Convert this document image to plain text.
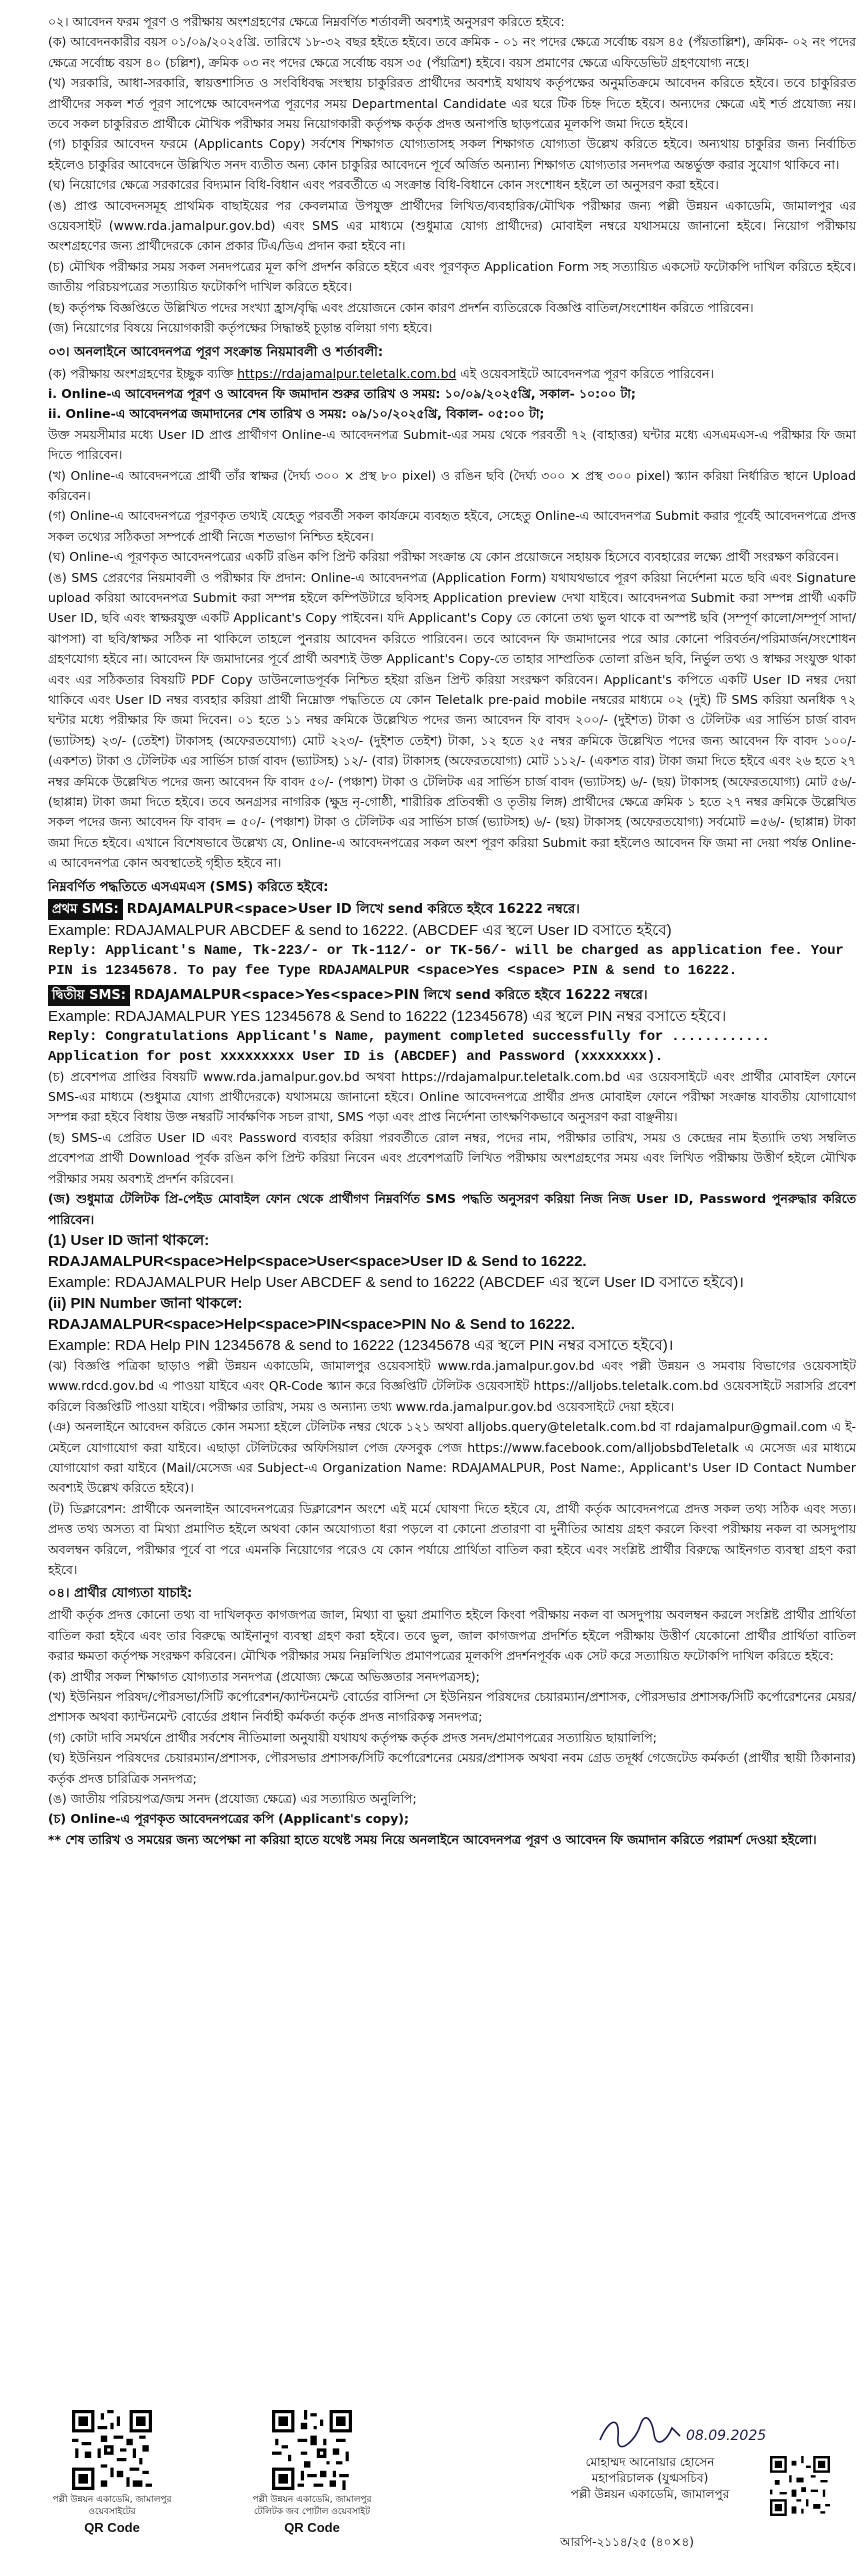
০২। আবেদন ফরম পূরণ ও পরীক্ষায় অংশগ্রহণের ক্ষেত্রে নিম্নবর্ণিত শর্তাবলী অবশ্যই অনুসরণ করিতে হইবে:

(ক) আবেদনকারীর বয়স ০১/০৯/২০২৫খ্রি. তারিখে ১৮-৩২ বছর হইতে হইবে। তবে ক্রমিক - ০১ নং পদের ক্ষেত্রে সর্বোচ্চ বয়স ৪৫ (পঁয়তাল্লিশ), ক্রমিক- ০২ নং পদের ক্ষেত্রে সর্বোচ্চ বয়স ৪০ (চল্লিশ), ক্রমিক ০৩ নং পদের ক্ষেত্রে সর্বোচ্চ বয়স ৩৫ (পঁয়ত্রিশ) হইবে। বয়স প্রমাণের ক্ষেত্রে এফিডেভিট গ্রহণযোগ্য নহে।

(খ) সরকারি, আধা-সরকারি, স্বায়ত্তশাসিত ও সংবিধিবদ্ধ সংস্থায় চাকুরিরত প্রার্থীদের অবশ্যই যথাযথ কর্তৃপক্ষের অনুমতিক্রমে আবেদন করিতে হইবে। তবে চাকুরিরত প্রার্থীদের সকল শর্ত পূরণ সাপেক্ষে আবেদনপত্র পূরণের সময় Departmental Candidate এর ঘরে টিক চিহ্ন দিতে হইবে। অন্যদের ক্ষেত্রে এই শর্ত প্রযোজ্য নয়। তবে সকল চাকুরিরত প্রার্থীকে মৌখিক পরীক্ষার সময় নিয়োগকারী কর্তৃপক্ষ কর্তৃক প্রদত্ত অনাপত্তি ছাড়পত্রের মূলকপি জমা দিতে হইবে।

(গ) চাকুরির আবেদন ফরমে (Applicants Copy) সর্বশেষ শিক্ষাগত যোগ্যতাসহ সকল শিক্ষাগত যোগ্যতা উল্লেখ করিতে হইবে। অন্যথায় চাকুরির জন্য নির্বাচিত হইলেও চাকুরির আবেদনে উল্লিখিত সনদ ব্যতীত অন্য কোন চাকুরির আবেদনে পূর্বে অর্জিত অন্যান্য শিক্ষাগত যোগ্যতার সনদপত্র অন্তর্ভুক্ত করার সুযোগ থাকিবে না।

(ঘ) নিয়োগের ক্ষেত্রে সরকারের বিদ্যমান বিধি-বিধান এবং পরবর্তীতে এ সংক্রান্ত বিধি-বিধানে কোন সংশোধন হইলে তা অনুসরণ করা হইবে।

(ঙ) প্রাপ্ত আবেদনসমূহ প্রাথমিক বাছাইয়ের পর কেবলমাত্র উপযুক্ত প্রার্থীদের লিখিত/ব্যবহারিক/মৌখিক পরীক্ষার জন্য পল্লী উন্নয়ন একাডেমি, জামালপুর এর ওয়েবসাইট (www.rda.jamalpur.gov.bd) এবং SMS এর মাধ্যমে (শুধুমাত্র যোগ্য প্রার্থীদের) মোবাইল নম্বরে যথাসময়ে জানানো হইবে। নিয়োগ পরীক্ষায় অংশগ্রহণের জন্য প্রার্থীদেরকে কোন প্রকার টিএ/ডিএ প্রদান করা হইবে না।

(চ) মৌখিক পরীক্ষার সময় সকল সনদপত্রের মূল কপি প্রদর্শন করিতে হইবে এবং পূরণকৃত Application Form সহ সত্যায়িত একসেট ফটোকপি দাখিল করিতে হইবে। জাতীয় পরিচয়পত্রের সত্যায়িত ফটোকপি দাখিল করিতে হইবে।

(ছ) কর্তৃপক্ষ বিজ্ঞপ্তিতে উল্লিখিত পদের সংখ্যা হ্রাস/বৃদ্ধি এবং প্রয়োজনে কোন কারণ প্রদর্শন ব্যতিরেকে বিজ্ঞপ্তি বাতিল/সংশোধন করিতে পারিবেন।

(জ) নিয়োগের বিষয়ে নিয়োগকারী কর্তৃপক্ষের সিদ্ধান্তই চূড়ান্ত বলিয়া গণ্য হইবে।

০৩। অনলাইনে আবেদনপত্র পূরণ সংক্রান্ত নিয়মাবলী ও শর্তাবলী:

(ক) পরীক্ষায় অংশগ্রহণের ইচ্ছুক ব্যক্তি https://rdajamalpur.teletalk.com.bd এই ওয়েবসাইটে আবেদনপত্র পূরণ করিতে পারিবেন।

i. Online-এ আবেদনপত্র পূরণ ও আবেদন ফি জমাদান শুরুর তারিখ ও সময়: ১০/০৯/২০২৫খ্রি, সকাল- ১০:০০ টা;

ii. Online-এ আবেদনপত্র জমাদানের শেষ তারিখ ও সময়: ০৯/১০/২০২৫খ্রি, বিকাল- ০৫:০০ টা;

উক্ত সময়সীমার মধ্যে User ID প্রাপ্ত প্রার্থীগণ Online-এ আবেদনপত্র Submit-এর সময় থেকে পরবর্তী ৭২ (বাহাত্তর) ঘন্টার মধ্যে এসএমএস-এ পরীক্ষার ফি জমা দিতে পারিবেন।

(খ) Online-এ আবেদনপত্রে প্রার্থী তাঁর স্বাক্ষর (দৈর্ঘ্য ৩০০ × প্রস্থ ৮০ pixel) ও রঙিন ছবি (দৈর্ঘ্য ৩০০ × প্রস্থ ৩০০ pixel) স্ক্যান করিয়া নির্ধারিত স্থানে Upload করিবেন।

(গ) Online-এ আবেদনপত্রে পূরণকৃত তথ্যই যেহেতু পরবর্তী সকল কার্যক্রমে ব্যবহৃত হইবে, সেহেতু Online-এ আবেদনপত্র Submit করার পূর্বেই আবেদনপত্রে প্রদত্ত সকল তথ্যের সঠিকতা সম্পর্কে প্রার্থী নিজে শতভাগ নিশ্চিত হইবেন।

(ঘ) Online-এ পূরণকৃত আবেদনপত্রের একটি রঙিন কপি প্রিন্ট করিয়া পরীক্ষা সংক্রান্ত যে কোন প্রয়োজনে সহায়ক হিসেবে ব্যবহারের লক্ষ্যে প্রার্থী সংরক্ষণ করিবেন।

(ঙ) SMS প্রেরণের নিয়মাবলী ও পরীক্ষার ফি প্রদান: Online-এ আবেদনপত্র (Application Form) যথাযথভাবে পূরণ করিয়া নির্দেশনা মতে ছবি এবং Signature upload করিয়া আবেদনপত্র Submit করা সম্পন্ন হইলে কম্পিউটারে ছবিসহ Application preview দেখা যাইবে। আবেদনপত্র Submit করা সম্পন্ন প্রার্থী একটি User ID, ছবি এবং স্বাক্ষরযুক্ত একটি Applicant's Copy পাইবেন। যদি Applicant's Copy তে কোনো তথ্য ভুল থাকে বা অস্পষ্ট ছবি (সম্পূর্ণ কালো/সম্পূর্ণ সাদা/ঝাপসা) বা ছবি/স্বাক্ষর সঠিক না থাকিলে তাহলে পুনরায় আবেদন করিতে পারিবেন। তবে আবেদন ফি জমাদানের পরে আর কোনো পরিবর্তন/পরিমার্জন/সংশোধন গ্রহণযোগ্য হইবে না। আবেদন ফি জমাদানের পূর্বে প্রার্থী অবশ্যই উক্ত Applicant's Copy-তে তাহার সাম্প্রতিক তোলা রঙিন ছবি, নির্ভুল তথ্য ও স্বাক্ষর সংযুক্ত থাকা এবং এর সঠিকতার বিষয়টি PDF Copy ডাউনলোডপূর্বক নিশ্চিত হইয়া রঙিন প্রিন্ট করিয়া সংরক্ষণ করিবেন। Applicant's কপিতে একটি User ID নম্বর দেয়া থাকিবে এবং User ID নম্বর ব্যবহার করিয়া প্রার্থী নিম্নোক্ত পদ্ধতিতে যে কোন Teletalk pre-paid mobile নম্বরের মাধ্যমে ০২ (দুই) টি SMS করিয়া অনধিক ৭২ ঘন্টার মধ্যে পরীক্ষার ফি জমা দিবেন। ০১ হতে ১১ নম্বর ক্রমিকে উল্লেখিত পদের জন্য আবেদন ফি বাবদ ২০০/- (দুইশত) টাকা ও টেলিটক এর সার্ভিস চার্জ বাবদ (ভ্যাটসহ) ২৩/- (তেইশ) টাকাসহ (অফেরতযোগ্য) মোট ২২৩/- (দুইশত তেইশ) টাকা, ১২ হতে ২৫ নম্বর ক্রমিকে উল্লেখিত পদের জন্য আবেদন ফি বাবদ ১০০/- (একশত) টাকা ও টেলিটক এর সার্ভিস চার্জ বাবদ (ভ্যাটসহ) ১২/- (বার) টাকাসহ (অফেরতযোগ্য) মোট ১১২/- (একশত বার) টাকা জমা দিতে হইবে এবং ২৬ হতে ২৭ নম্বর ক্রমিকে উল্লেখিত পদের জন্য আবেদন ফি বাবদ ৫০/- (পঞ্চাশ) টাকা ও টেলিটক এর সার্ভিস চার্জ বাবদ (ভ্যাটসহ) ৬/- (ছয়) টাকাসহ (অফেরতযোগ্য) মোট ৫৬/- (ছাপ্পান্ন) টাকা জমা দিতে হইবে। তবে অনগ্রসর নাগরিক (ক্ষুদ্র নৃ-গোষ্ঠী, শারীরিক প্রতিবন্ধী ও তৃতীয় লিঙ্গ) প্রার্থীদের ক্ষেত্রে ক্রমিক ১ হতে ২৭ নম্বর ক্রমিকে উল্লেখিত সকল পদের জন্য আবেদন ফি বাবদ = ৫০/- (পঞ্চাশ) টাকা ও টেলিটক এর সার্ভিস চার্জ (ভ্যাটসহ) ৬/- (ছয়) টাকাসহ (অফেরতযোগ্য) সর্বমোট =৫৬/- (ছাপ্পান্ন) টাকা জমা দিতে হইবে। এখানে বিশেষভাবে উল্লেখ্য যে, Online-এ আবেদনপত্রের সকল অংশ পূরণ করিয়া Submit করা হইলেও আবেদন ফি জমা না দেয়া পর্যন্ত Online-এ আবেদনপত্র কোন অবস্থাতেই গৃহীত হইবে না।

নিম্নবর্ণিত পদ্ধতিতে এসএমএস (SMS) করিতে হইবে:

প্রথম SMS: RDAJAMALPUR<space>User ID লিখে send করিতে হইবে 16222 নম্বরে।

Example: RDAJAMALPUR ABCDEF & send to 16222. (ABCDEF এর স্থলে User ID বসাতে হইবে)

Reply: Applicant's Name, Tk-223/- or Tk-112/- or TK-56/- will be charged as application fee. Your PIN is 12345678. To pay fee Type RDAJAMALPUR <space>Yes <space> PIN & send to 16222.

দ্বিতীয় SMS: RDAJAMALPUR<space>Yes<space>PIN লিখে send করিতে হইবে 16222 নম্বরে।

Example: RDAJAMALPUR YES 12345678 & Send to 16222 (12345678) এর স্থলে PIN নম্বর বসাতে হইবে।

Reply: Congratulations Applicant's Name, payment completed successfully for ............ Application for post xxxxxxxxx User ID is (ABCDEF) and Password (xxxxxxxx).

(চ) প্রবেশপত্র প্রাপ্তির বিষয়টি www.rda.jamalpur.gov.bd অথবা https://rdajamalpur.teletalk.com.bd এর ওয়েবসাইটে এবং প্রার্থীর মোবাইল ফোনে SMS-এর মাধ্যমে (শুধুমাত্র যোগ্য প্রার্থীদেরকে) যথাসময়ে জানানো হইবে। Online আবেদনপত্রে প্রার্থীর প্রদত্ত মোবাইল ফোনে পরীক্ষা সংক্রান্ত যাবতীয় যোগাযোগ সম্পন্ন করা হইবে বিধায় উক্ত নম্বরটি সার্বক্ষণিক সচল রাখা, SMS পড়া এবং প্রাপ্ত নির্দেশনা তাৎক্ষণিকভাবে অনুসরণ করা বাঞ্ছনীয়।

(ছ) SMS-এ প্রেরিত User ID এবং Password ব্যবহার করিয়া পরবর্তীতে রোল নম্বর, পদের নাম, পরীক্ষার তারিখ, সময় ও কেন্দ্রের নাম ইত্যাদি তথ্য সম্বলিত প্রবেশপত্র প্রার্থী Download পূর্বক রঙিন কপি প্রিন্ট করিয়া নিবেন এবং প্রবেশপত্রটি লিখিত পরীক্ষায় অংশগ্রহণের সময় এবং লিখিত পরীক্ষায় উত্তীর্ণ হইলে মৌখিক পরীক্ষার সময় অবশ্যই প্রদর্শন করিবেন।

(জ) শুধুমাত্র টেলিটক প্রি-পেইড মোবাইল ফোন থেকে প্রার্থীগণ নিম্নবর্ণিত SMS পদ্ধতি অনুসরণ করিয়া নিজ নিজ User ID, Password পুনরুদ্ধার করিতে পারিবেন।

(1) User ID জানা থাকলে:

RDAJAMALPUR<space>Help<space>User<space>User ID & Send to 16222.

Example: RDAJAMALPUR Help User ABCDEF & send to 16222 (ABCDEF এর স্থলে User ID বসাতে হইবে)।

(ii) PIN Number জানা থাকলে:

RDAJAMALPUR<space>Help<space>PIN<space>PIN No & Send to 16222.

Example: RDA Help PIN 12345678 & send to 16222 (12345678 এর স্থলে PIN নম্বর বসাতে হইবে)।

(ঝ) বিজ্ঞপ্তি পত্রিকা ছাড়াও পল্লী উন্নয়ন একাডেমি, জামালপুর ওয়েবসাইট www.rda.jamalpur.gov.bd এবং পল্লী উন্নয়ন ও সমবায় বিভাগের ওয়েবসাইট www.rdcd.gov.bd এ পাওয়া যাইবে এবং QR-Code স্ক্যান করে বিজ্ঞপ্তিটি টেলিটক ওয়েবসাইট https://alljobs.teletalk.com.bd ওয়েবসাইটে সরাসরি প্রবেশ করিলে বিজ্ঞপ্তিটি পাওয়া যাইবে। পরীক্ষার তারিখ, সময় ও অন্যান্য তথ্য www.rda.jamalpur.gov.bd ওয়েবসাইটে দেয়া হইবে।

(ঞ) অনলাইনে আবেদন করিতে কোন সমস্যা হইলে টেলিটক নম্বর থেকে ১২১ অথবা alljobs.query@teletalk.com.bd বা rdajamalpur@gmail.com এ ই-মেইলে যোগাযোগ করা যাইবে। এছাড়া টেলিটকের অফিসিয়াল পেজ ফেসবুক পেজ https://www.facebook.com/alljobsbdTeletalk এ মেসেজ এর মাধ্যমে যোগাযোগ করা যাইবে (Mail/মেসেজ এর Subject-এ Organization Name: RDAJAMALPUR, Post Name:, Applicant's User ID Contact Number অবশ্যই উল্লেখ করিতে হইবে)।

(ট) ডিক্লারেশন: প্রার্থীকে অনলাইন আবেদনপত্রের ডিক্লারেশন অংশে এই মর্মে ঘোষণা দিতে হইবে যে, প্রার্থী কর্তৃক আবেদনপত্রে প্রদত্ত সকল তথ্য সঠিক এবং সত্য। প্রদত্ত তথ্য অসত্য বা মিথ্যা প্রমাণিত হইলে অথবা কোন অযোগ্যতা ধরা পড়লে বা কোনো প্রতারণা বা দুর্নীতির আশ্রয় গ্রহণ করলে কিংবা পরীক্ষায় নকল বা অসদুপায় অবলম্বন করিলে, পরীক্ষার পূর্বে বা পরে এমনকি নিয়োগের পরেও যে কোন পর্যায়ে প্রার্থিতা বাতিল করা হইবে এবং সংশ্লিষ্ট প্রার্থীর বিরুদ্ধে আইনগত ব্যবস্থা গ্রহণ করা হইবে।

০৪। প্রার্থীর যোগ্যতা যাচাই:

প্রার্থী কর্তৃক প্রদত্ত কোনো তথ্য বা দাখিলকৃত কাগজপত্র জাল, মিথ্যা বা ভুয়া প্রমাণিত হইলে কিংবা পরীক্ষায় নকল বা অসদুপায় অবলম্বন করলে সংশ্লিষ্ট প্রার্থীর প্রার্থিতা বাতিল করা হইবে এবং তার বিরুদ্ধে আইনানুগ ব্যবস্থা গ্রহণ করা হইবে। তবে ভুল, জাল কাগজপত্র প্রদর্শিত হইলে পরীক্ষায় উত্তীর্ণ যেকোনো প্রার্থীর প্রার্থিতা বাতিল করার ক্ষমতা কর্তৃপক্ষ সংরক্ষণ করিবেন। মৌখিক পরীক্ষার সময় নিম্নলিখিত প্রমাণপত্রের মূলকপি প্রদর্শনপূর্বক এক সেট করে সত্যায়িত ফটোকপি দাখিল করিতে হইবে:

(ক) প্রার্থীর সকল শিক্ষাগত যোগ্যতার সনদপত্র (প্রযোজ্য ক্ষেত্রে অভিজ্ঞতার সনদপত্রসহ);

(খ) ইউনিয়ন পরিষদ/পৌরসভা/সিটি কর্পোরেশন/ক্যান্টনমেন্ট বোর্ডের বাসিন্দা সে ইউনিয়ন পরিষদের চেয়ারম্যান/প্রশাসক, পৌরসভার প্রশাসক/সিটি কর্পোরেশনের মেয়র/প্রশাসক অথবা ক্যান্টনমেন্ট বোর্ডের প্রধান নির্বাহী কর্মকর্তা কর্তৃক প্রদত্ত নাগরিকত্ব সনদপত্র;

(গ) কোটা দাবি সমর্থনে প্রার্থীর সর্বশেষ নীতিমালা অনুযায়ী যথাযথ কর্তৃপক্ষ কর্তৃক প্রদত্ত সনদ/প্রমাণপত্রের সত্যায়িত ছায়ালিপি;

(ঘ) ইউনিয়ন পরিষদের চেয়ারম্যান/প্রশাসক, পৌরসভার প্রশাসক/সিটি কর্পোরেশনের মেয়র/প্রশাসক অথবা নবম গ্রেড তদূর্ধ্ব গেজেটেড কর্মকর্তা (প্রার্থীর স্থায়ী ঠিকানার) কর্তৃক প্রদত্ত চারিত্রিক সনদপত্র;

(ঙ) জাতীয় পরিচয়পত্র/জন্ম সনদ (প্রযোজ্য ক্ষেত্রে) এর সত্যায়িত অনুলিপি;

(চ) Online-এ পূরণকৃত আবেদনপত্রের কপি (Applicant's copy);

** শেষ তারিখ ও সময়ের জন্য অপেক্ষা না করিয়া হাতে যথেষ্ট সময় নিয়ে অনলাইনে আবেদনপত্র পূরণ ও আবেদন ফি জমাদান করিতে পরামর্শ দেওয়া হইলো।

পল্লী উন্নয়ন একাডেমি, জামালপুর ওয়েবসাইটের
QR Code
পল্লী উন্নয়ন একাডেমি, জামালপুর টেলিটক জব পোর্টাল ওয়েবসাইট
QR Code
08.09.2025
মোহাম্মদ আনোয়ার হোসেন
মহাপরিচালক (যুগ্মসচিব)
পল্লী উন্নয়ন একাডেমি, জামালপুর
আরপি-২১১৪/২৫ (৪০×৪)
